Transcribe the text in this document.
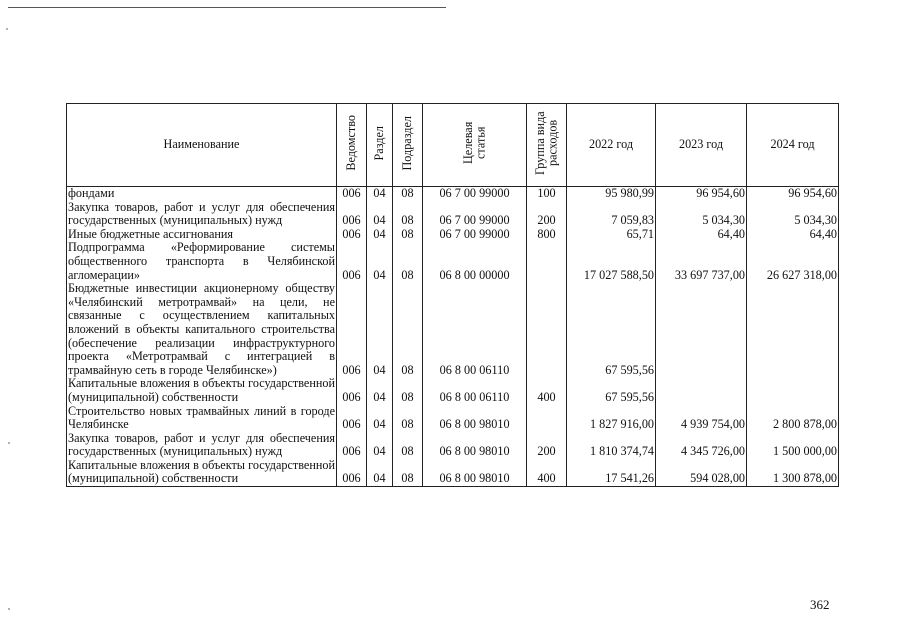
Наименование	Ведомство	Раздел	Подраздел	Целевая статья	Группа вида расходов	2022 год	2023 год	2024 год
фондами	006	04	08	06 7 00 99000	100	95 980,99	96 954,60	96 954,60
Закупка товаров, работ и услуг для обеспечения государственных (муниципальных) нужд	006	04	08	06 7 00 99000	200	7 059,83	5 034,30	5 034,30
Иные бюджетные ассигнования	006	04	08	06 7 00 99000	800	65,71	64,40	64,40
Подпрограмма «Реформирование системы общественного транспорта в Челябинской агломерации»	006	04	08	06 8 00 00000		17 027 588,50	33 697 737,00	26 627 318,00
Бюджетные инвестиции акционерному обществу «Челябинский метротрамвай» на цели, не связанные с осуществлением капитальных вложений в объекты капитального строительства (обеспечение реализации инфраструктурного проекта «Метротрамвай с интеграцией в трамвайную сеть в городе Челябинске»)	006	04	08	06 8 00 06110		67 595,56		
Капитальные вложения в объекты государственной (муниципальной) собственности	006	04	08	06 8 00 06110	400	67 595,56		
Строительство новых трамвайных линий в городе Челябинске	006	04	08	06 8 00 98010		1 827 916,00	4 939 754,00	2 800 878,00
Закупка товаров, работ и услуг для обеспечения государственных (муниципальных) нужд	006	04	08	06 8 00 98010	200	1 810 374,74	4 345 726,00	1 500 000,00
Капитальные вложения в объекты государственной (муниципальной) собственности	006	04	08	06 8 00 98010	400	17 541,26	594 028,00	1 300 878,00
362
